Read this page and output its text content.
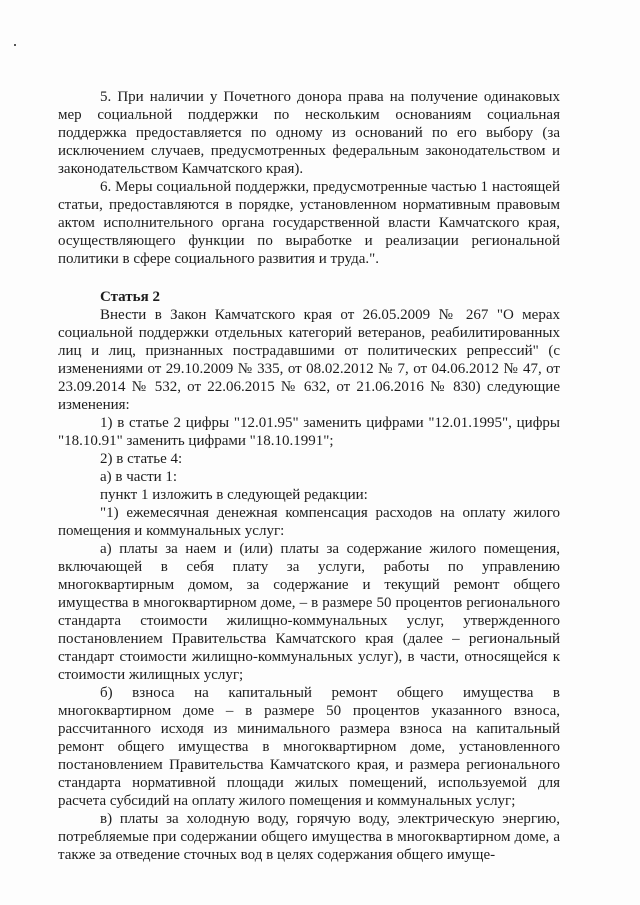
5. При наличии у Почетного донора права на получение одинаковых мер социальной поддержки по нескольким основаниям социальная поддержка предоставляется по одному из оснований по его выбору (за исключением случаев, предусмотренных федеральным законодательством и законодательством Камчатского края).

6. Меры социальной поддержки, предусмотренные частью 1 настоящей статьи, предоставляются в порядке, установленном нормативным правовым актом исполнительного органа государственной власти Камчатского края, осуществляющего функции по выработке и реализации региональной политики в сфере социального развития и труда.".

Статья 2

Внести в Закон Камчатского края от 26.05.2009 № 267 "О мерах социальной поддержки отдельных категорий ветеранов, реабилитированных лиц и лиц, признанных пострадавшими от политических репрессий" (с изменениями от 29.10.2009 № 335, от 08.02.2012 № 7, от 04.06.2012 № 47, от 23.09.2014 № 532, от 22.06.2015 № 632, от 21.06.2016 № 830) следующие изменения:

1) в статье 2 цифры "12.01.95" заменить цифрами "12.01.1995", цифры "18.10.91" заменить цифрами "18.10.1991";

2) в статье 4:

а) в части 1:

пункт 1 изложить в следующей редакции:

"1) ежемесячная денежная компенсация расходов на оплату жилого помещения и коммунальных услуг:

а) платы за наем и (или) платы за содержание жилого помещения, включающей в себя плату за услуги, работы по управлению многоквартирным домом, за содержание и текущий ремонт общего имущества в многоквартирном доме, – в размере 50 процентов регионального стандарта стоимости жилищно-коммунальных услуг, утвержденного постановлением Правительства Камчатского края (далее – региональный стандарт стоимости жилищно-коммунальных услуг), в части, относящейся к стоимости жилищных услуг;

б) взноса на капитальный ремонт общего имущества в многоквартирном доме – в размере 50 процентов указанного взноса, рассчитанного исходя из минимального размера взноса на капитальный ремонт общего имущества в многоквартирном доме, установленного постановлением Правительства Камчатского края, и размера регионального стандарта нормативной площади жилых помещений, используемой для расчета субсидий на оплату жилого помещения и коммунальных услуг;

в) платы за холодную воду, горячую воду, электрическую энергию, потребляемые при содержании общего имущества в многоквартирном доме, а также за отведение сточных вод в целях содержания общего имуще-
